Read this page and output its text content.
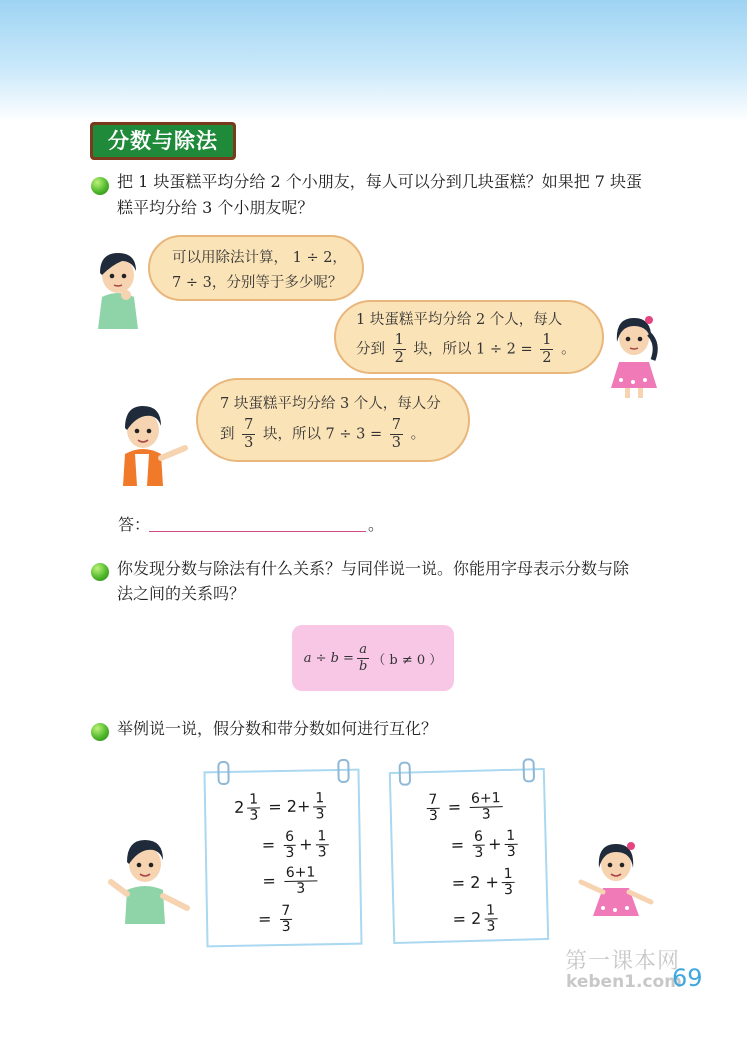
分数与除法
把 1 块蛋糕平均分给 2 个小朋友，每人可以分到几块蛋糕？如果把 7 块蛋
糕平均分给 3 个小朋友呢？
可以用除法计算， 1 ÷ 2，
7 ÷ 3，分别等于多少呢？
1 块蛋糕平均分给 2 个人，每人
分到 $\frac{1}{2}$ 块，所以 $1 \div 2 = \frac{1}{2}$ 。
7 块蛋糕平均分给 3 个人，每人分
到 $\frac{7}{3}$ 块，所以 $7 \div 3 = \frac{7}{3}$ 。
答：	。
你发现分数与除法有什么关系？与同伴说一说。你能用字母表示分数与除
法之间的关系吗？
$a \div b = \frac{a}{b}$ （ b ≠ 0 ）
举例说一说，假分数和带分数如何进行互化？
$2 \frac{1}{3} = 2+ \frac{1}{3}$
= $\frac{6}{3} + \frac{1}{3}$
= $\frac{6+1}{3}$
= $\frac{7}{3}$
$\frac{7}{3} = \frac{6+1}{3}$
= $\frac{6}{3} + \frac{1}{3}$
= $2 + \frac{1}{3}$
= $2 \frac{1}{3}$
第一课本网
keben1.com
69
